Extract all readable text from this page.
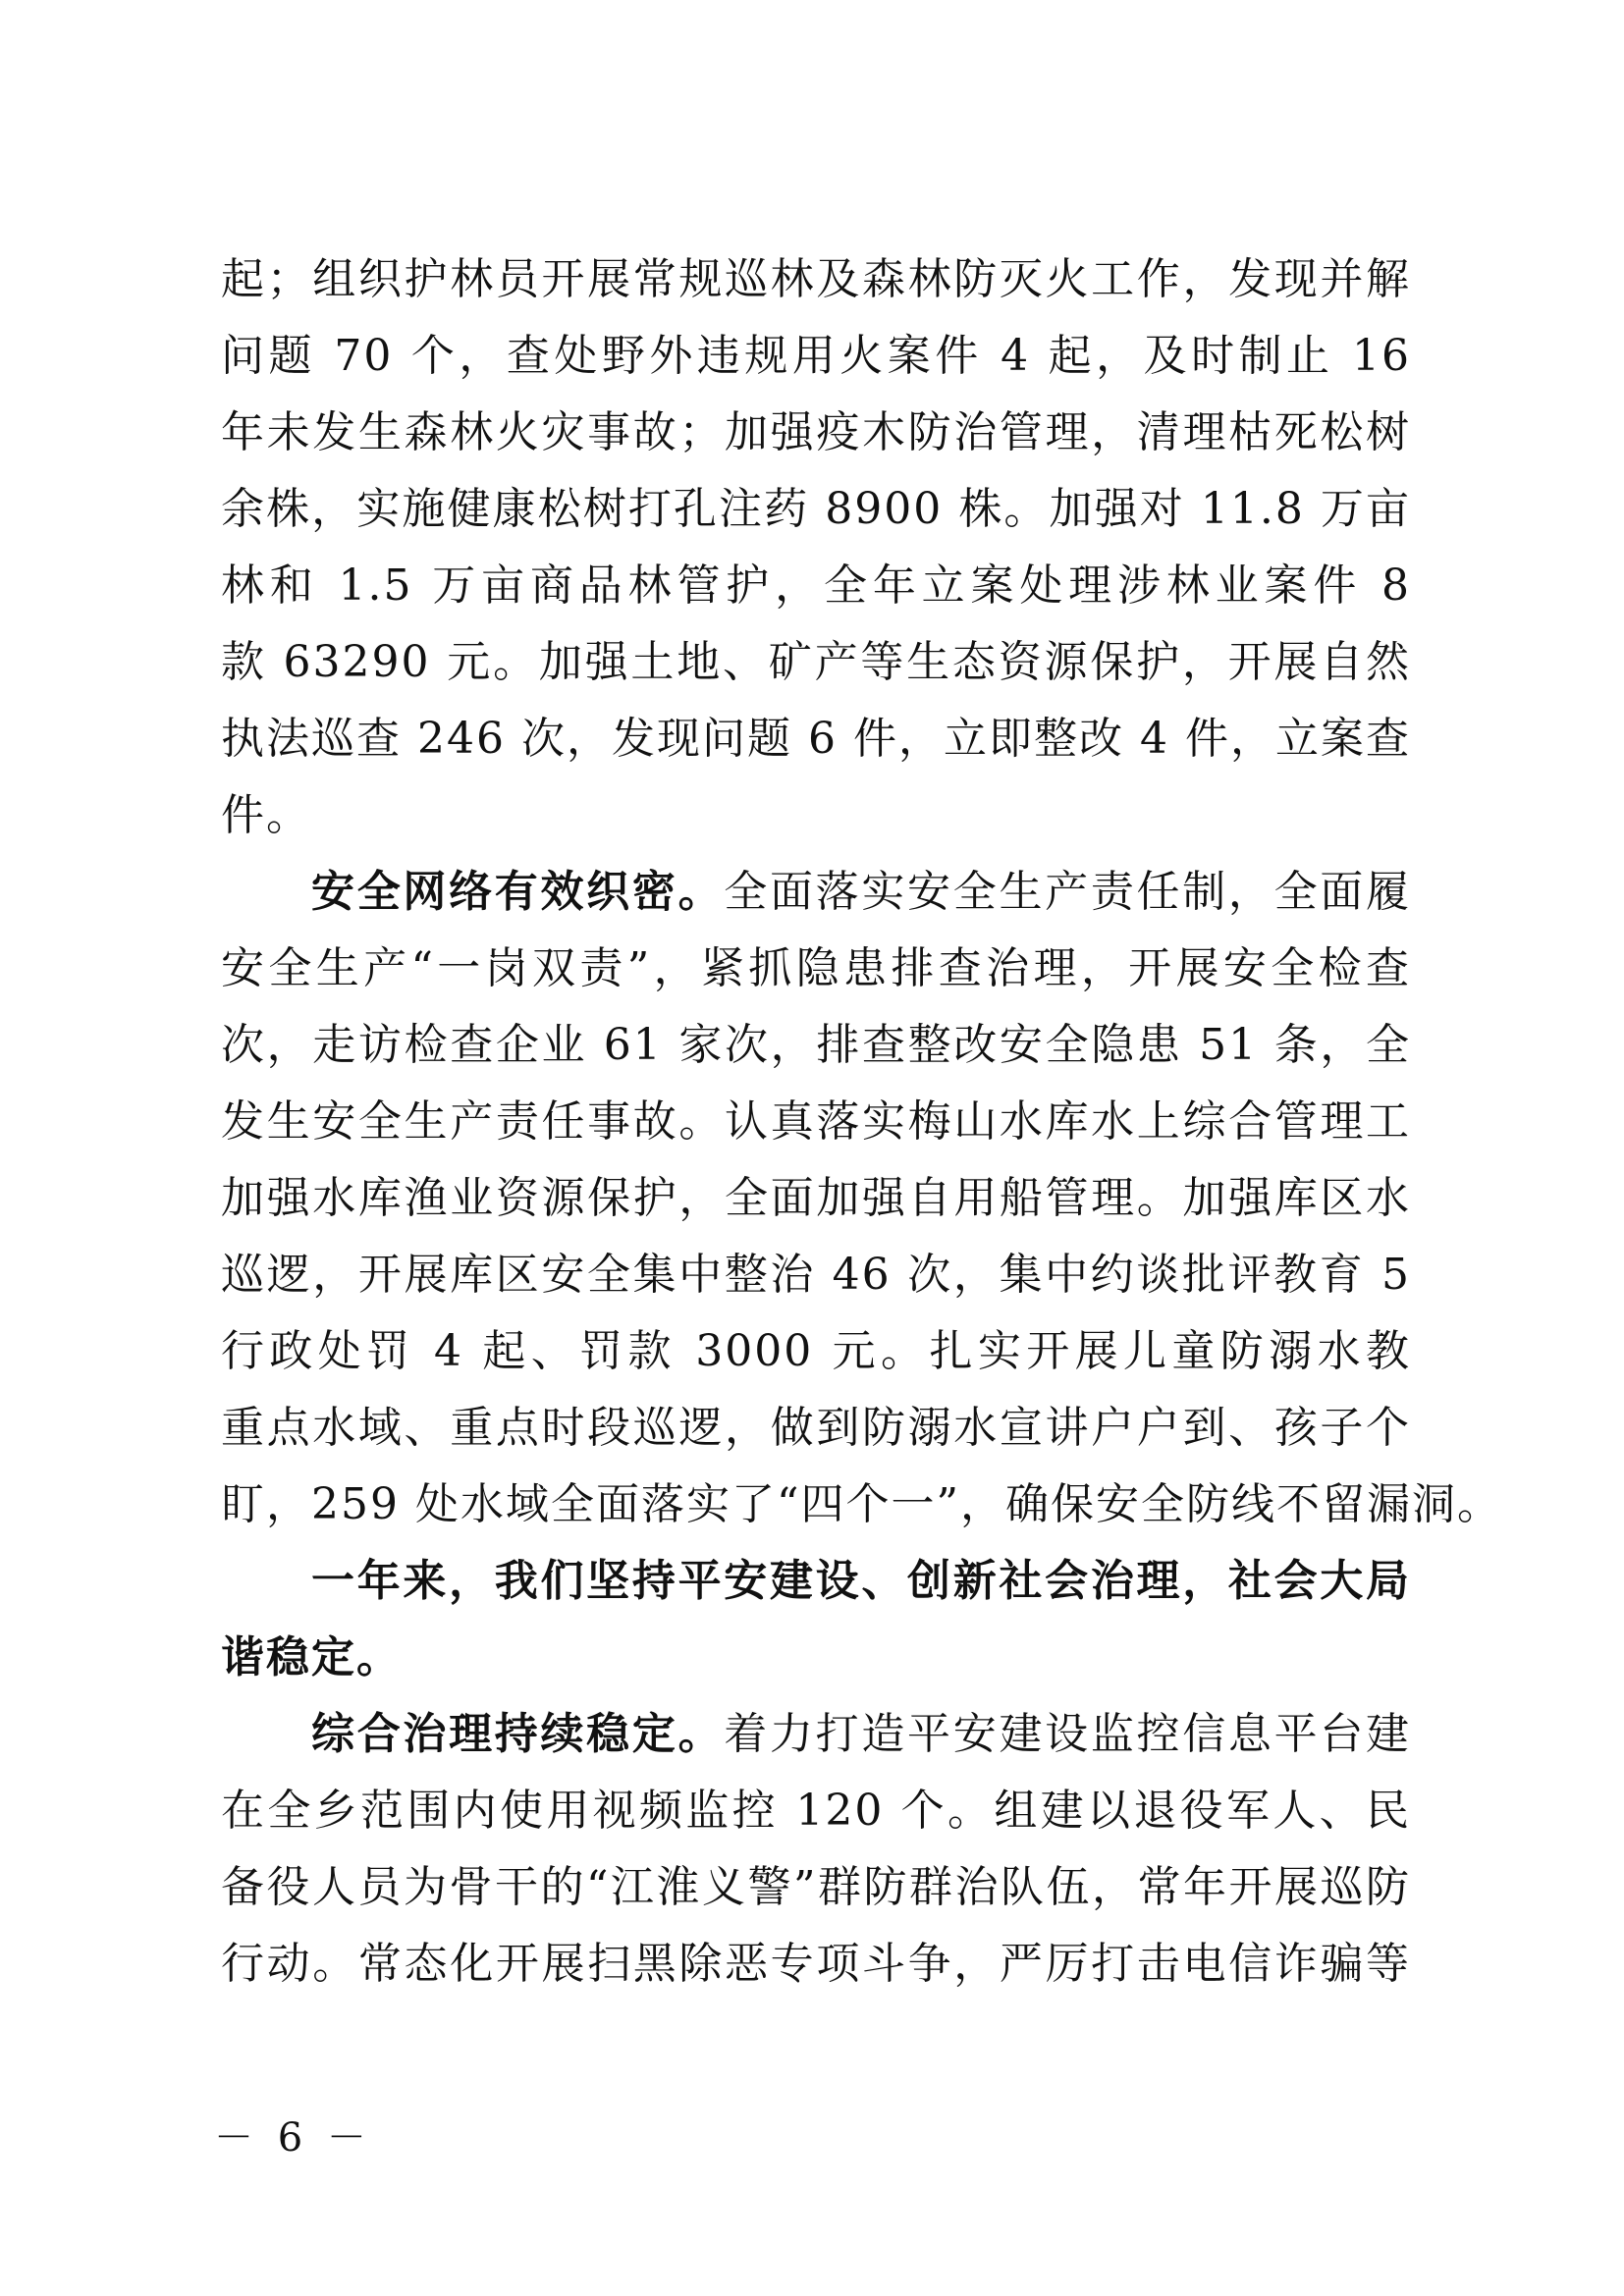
起；组织护林员开展常规巡林及森林防灭火工作，发现并解
问题 70 个，查处野外违规用火案件 4 起，及时制止 16
年未发生森林火灾事故；加强疫木防治管理，清理枯死松树
余株，实施健康松树打孔注药 8900 株。加强对 11.8 万亩
林和 1.5 万亩商品林管护，全年立案处理涉林业案件 8
款 63290 元。加强土地、矿产等生态资源保护，开展自然
执法巡查 246 次，发现问题 6 件，立即整改 4 件，立案查
件。
安全网络有效织密。全面落实安全生产责任制，全面履
安全生产“一岗双责”，紧抓隐患排查治理，开展安全检查
次，走访检查企业 61 家次，排查整改安全隐患 51 条，全
发生安全生产责任事故。认真落实梅山水库水上综合管理工
加强水库渔业资源保护，全面加强自用船管理。加强库区水
巡逻，开展库区安全集中整治 46 次，集中约谈批评教育 5
行政处罚 4 起、罚款 3000 元。扎实开展儿童防溺水教
重点水域、重点时段巡逻，做到防溺水宣讲户户到、孩子个
盯，259 处水域全面落实了“四个一”，确保安全防线不留漏洞。
一年来，我们坚持平安建设、创新社会治理，社会大局
谐稳定。
综合治理持续稳定。着力打造平安建设监控信息平台建
在全乡范围内使用视频监控 120 个。组建以退役军人、民
备役人员为骨干的“江淮义警”群防群治队伍，常年开展巡防
行动。常态化开展扫黑除恶专项斗争，严厉打击电信诈骗等
－ 6 －
